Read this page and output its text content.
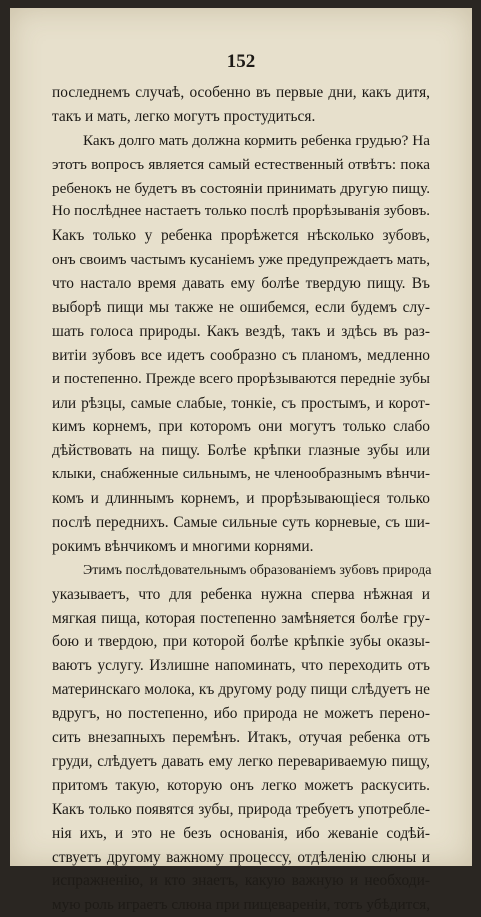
152
последнемъ случаѣ, особенно въ первые дни, какъ дитя,
такъ и мать, легко могутъ простудиться.
Какъ долго мать должна кормить ребенка грудью? На
этотъ вопросъ является самый естественный отвѣтъ: пока
ребенокъ не будетъ въ состояніи принимать другую пищу.
Но послѣднее настаетъ только послѣ прорѣзыванія зубовъ.
Какъ только у ребенка прорѣжется нѣсколько зубовъ,
онъ своимъ частымъ кусаніемъ уже предупреждаетъ мать,
что настало время давать ему болѣе твердую пищу. Въ
выборѣ пищи мы также не ошибемся, если будемъ слу-
шать голоса природы. Какъ вездѣ, такъ и здѣсь въ раз-
витіи зубовъ все идетъ сообразно съ планомъ, медленно
и постепенно. Прежде всего прорѣзываются передніе зубы
или рѣзцы, самые слабые, тонкіе, съ простымъ, и корот-
кимъ корнемъ, при которомъ они могутъ только слабо
дѣйствовать на пищу. Болѣе крѣпки глазные зубы или
клыки, снабженные сильнымъ, не членообразнымъ вѣнчи-
комъ и длиннымъ корнемъ, и прорѣзывающіеся только
послѣ переднихъ. Самые сильные суть корневые, съ ши-
рокимъ вѣнчикомъ и многими корнями.
Этимъ послѣдовательнымъ образованіемъ зубовъ природа
указываетъ, что для ребенка нужна сперва нѣжная и
мягкая пища, которая постепенно замѣняется болѣе гру-
бою и твердою, при которой болѣе крѣпкіе зубы оказы-
ваютъ услугу. Излишне напоминать, что переходить отъ
материнскаго молока, къ другому роду пищи слѣдуетъ не
вдругъ, но постепенно, ибо природа не можетъ перено-
сить внезапныхъ перемѣнъ. Итакъ, отучая ребенка отъ
груди, слѣдуетъ давать ему легко перевариваемую пищу,
притомъ такую, которую онъ легко можетъ раскусить.
Какъ только появятся зубы, природа требуетъ употребле-
нія ихъ, и это не безъ основанія, ибо жеваніе содѣй-
ствуетъ другому важному процессу, отдѣленію слюны и
испражненію, и кто знаетъ, какую важную и необходи-
мую роль играетъ слюна при пищевареніи, тотъ убѣдится,
